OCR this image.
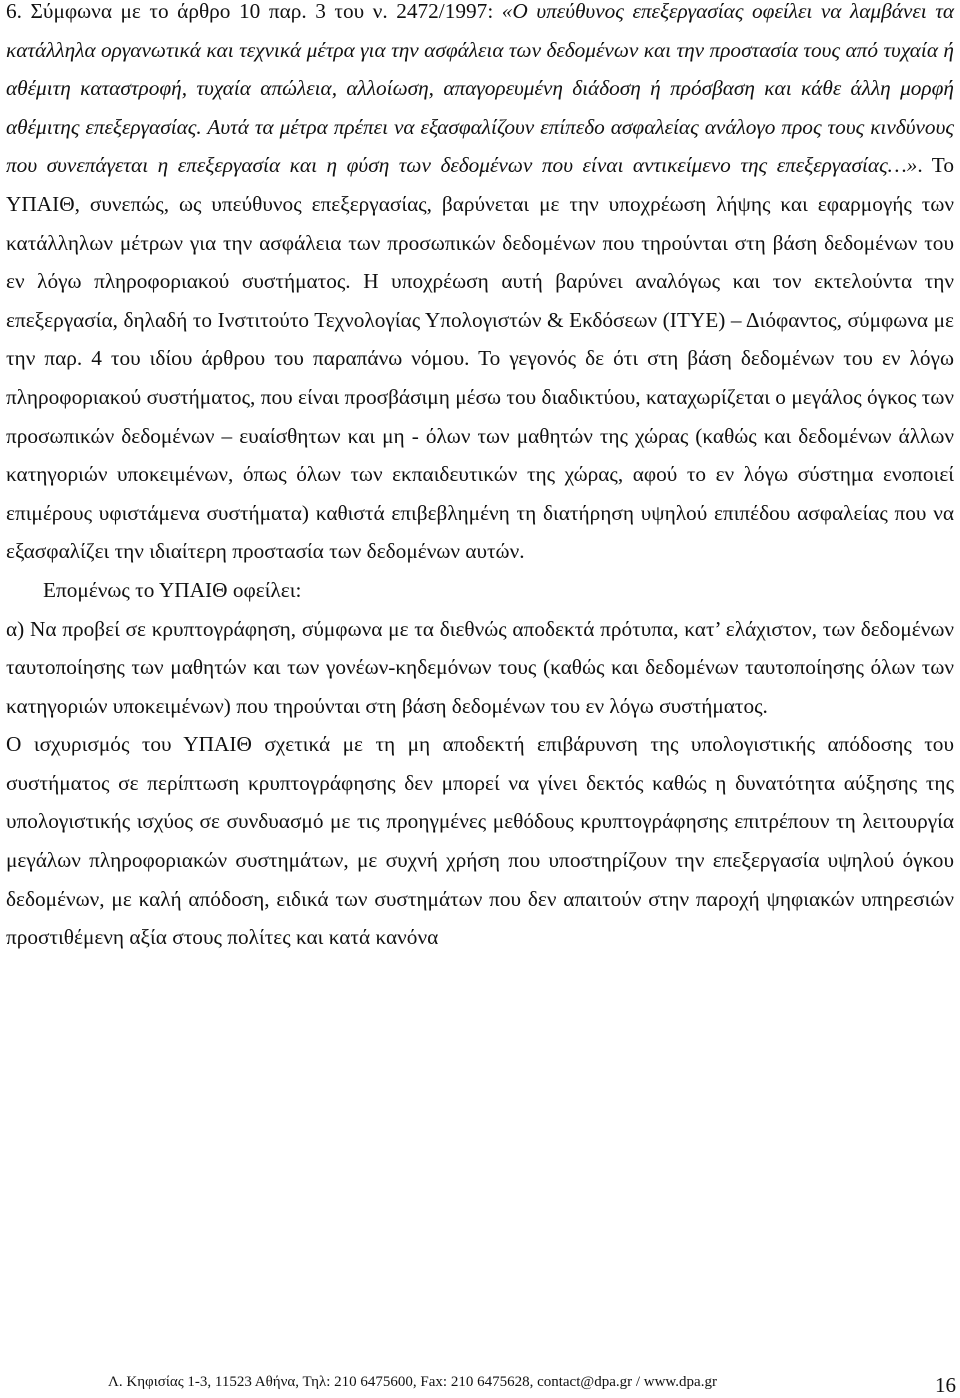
6. Σύμφωνα με το άρθρο 10 παρ. 3 του ν. 2472/1997: «Ο υπεύθυνος επεξεργασίας οφείλει να λαμβάνει τα κατάλληλα οργανωτικά και τεχνικά μέτρα για την ασφάλεια των δεδομένων και την προστασία τους από τυχαία ή αθέμιτη καταστροφή, τυχαία απώλεια, αλλοίωση, απαγορευμένη διάδοση ή πρόσβαση και κάθε άλλη μορφή αθέμιτης επεξεργασίας. Αυτά τα μέτρα πρέπει να εξασφαλίζουν επίπεδο ασφαλείας ανάλογο προς τους κινδύνους που συνεπάγεται η επεξεργασία και η φύση των δεδομένων που είναι αντικείμενο της επεξεργασίας…». Το ΥΠΑΙΘ, συνεπώς, ως υπεύθυνος επεξεργασίας, βαρύνεται με την υποχρέωση λήψης και εφαρμογής των κατάλληλων μέτρων για την ασφάλεια των προσωπικών δεδομένων που τηρούνται στη βάση δεδομένων του εν λόγω πληροφοριακού συστήματος. Η υποχρέωση αυτή βαρύνει αναλόγως και τον εκτελούντα την επεξεργασία, δηλαδή το Ινστιτούτο Τεχνολογίας Υπολογιστών & Εκδόσεων (ΙΤΥΕ) – Διόφαντος, σύμφωνα με την παρ. 4 του ιδίου άρθρου του παραπάνω νόμου. Το γεγονός δε ότι στη βάση δεδομένων του εν λόγω πληροφοριακού συστήματος, που είναι προσβάσιμη μέσω του διαδικτύου, καταχωρίζεται ο μεγάλος όγκος των προσωπικών δεδομένων – ευαίσθητων και μη - όλων των μαθητών της χώρας (καθώς και δεδομένων άλλων κατηγοριών υποκειμένων, όπως όλων των εκπαιδευτικών της χώρας, αφού το εν λόγω σύστημα ενοποιεί επιμέρους υφιστάμενα συστήματα) καθιστά επιβεβλημένη τη διατήρηση υψηλού επιπέδου ασφαλείας που να εξασφαλίζει την ιδιαίτερη προστασία των δεδομένων αυτών.

Επομένως το ΥΠΑΙΘ οφείλει:

α) Να προβεί σε κρυπτογράφηση, σύμφωνα με τα διεθνώς αποδεκτά πρότυπα, κατ’ ελάχιστον, των δεδομένων ταυτοποίησης των μαθητών και των γονέων-κηδεμόνων τους (καθώς και δεδομένων ταυτοποίησης όλων των κατηγοριών υποκειμένων) που τηρούνται στη βάση δεδομένων του εν λόγω συστήματος.

Ο ισχυρισμός του ΥΠΑΙΘ σχετικά με τη μη αποδεκτή επιβάρυνση της υπολογιστικής απόδοσης του συστήματος σε περίπτωση κρυπτογράφησης δεν μπορεί να γίνει δεκτός καθώς η δυνατότητα αύξησης της υπολογιστικής ισχύος σε συνδυασμό με τις προηγμένες μεθόδους κρυπτογράφησης επιτρέπουν τη λειτουργία μεγάλων πληροφοριακών συστημάτων, με συχνή χρήση που υποστηρίζουν την επεξεργασία υψηλού όγκου δεδομένων, με καλή απόδοση, ειδικά των συστημάτων που δεν απαιτούν στην παροχή ψηφιακών υπηρεσιών προστιθέμενη αξία στους πολίτες και κατά κανόνα

Λ. Κηφισίας 1-3, 11523 Αθήνα, Τηλ: 210 6475600, Fax: 210 6475628, contact@dpa.gr / www.dpa.gr	16
